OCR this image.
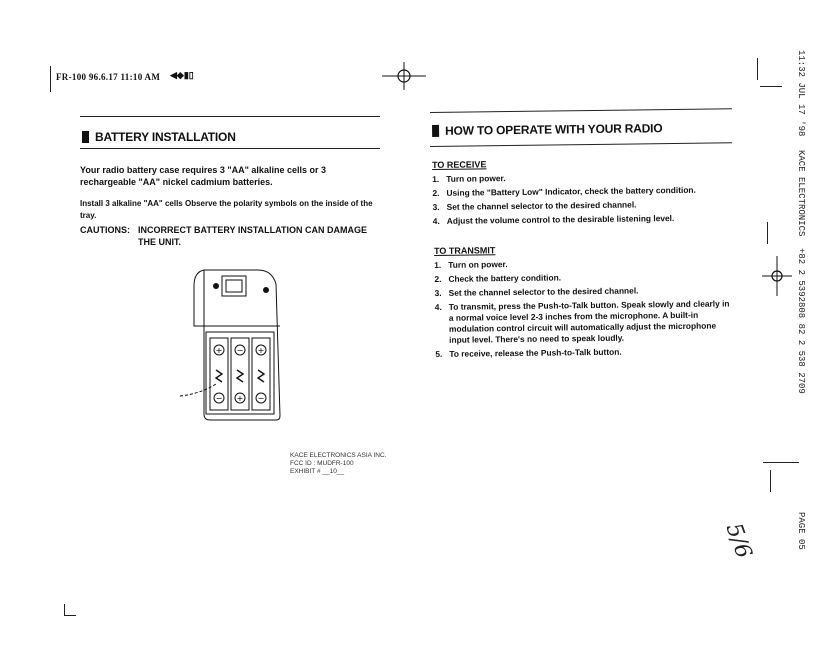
FR-100 96.6.17 11:10 AM ◀◆▮▯
BATTERY INSTALLATION
Your radio battery case requires 3 "AA" alkaline cells or 3 rechargeable "AA" nickel cadmium batteries.
Install 3 alkaline "AA" cells Observe the polarity symbols on the inside of the tray.
CAUTIONS: INCORRECT BATTERY INSTALLATION CAN DAMAGE THE UNIT.
+ − +
− + −
KACE ELECTRONICS ASIA INC.
FCC ID : MUDFR-100
EXHIBIT # __10__
HOW TO OPERATE WITH YOUR RADIO
TO RECEIVE
1. Turn on power.
2. Using the "Battery Low" Indicator, check the battery condition.
3. Set the channel selector to the desired channel.
4. Adjust the volume control to the desirable listening level.
TO TRANSMIT
1. Turn on power.
2. Check the battery condition.
3. Set the channel selector to the desired channel.
4. To transmit, press the Push-to-Talk button. Speak slowly and clearly in a normal voice level 2-3 inches from the microphone. A built-in modulation control circuit will automatically adjust the microphone input level. There's no need to speak loudly.
5. To receive, release the Push-to-Talk button.
11:32 JUL 17 '98
KACE ELECTRONICS
+82 2 5392808 82 2 538 2709
PAGE 05
5/6
